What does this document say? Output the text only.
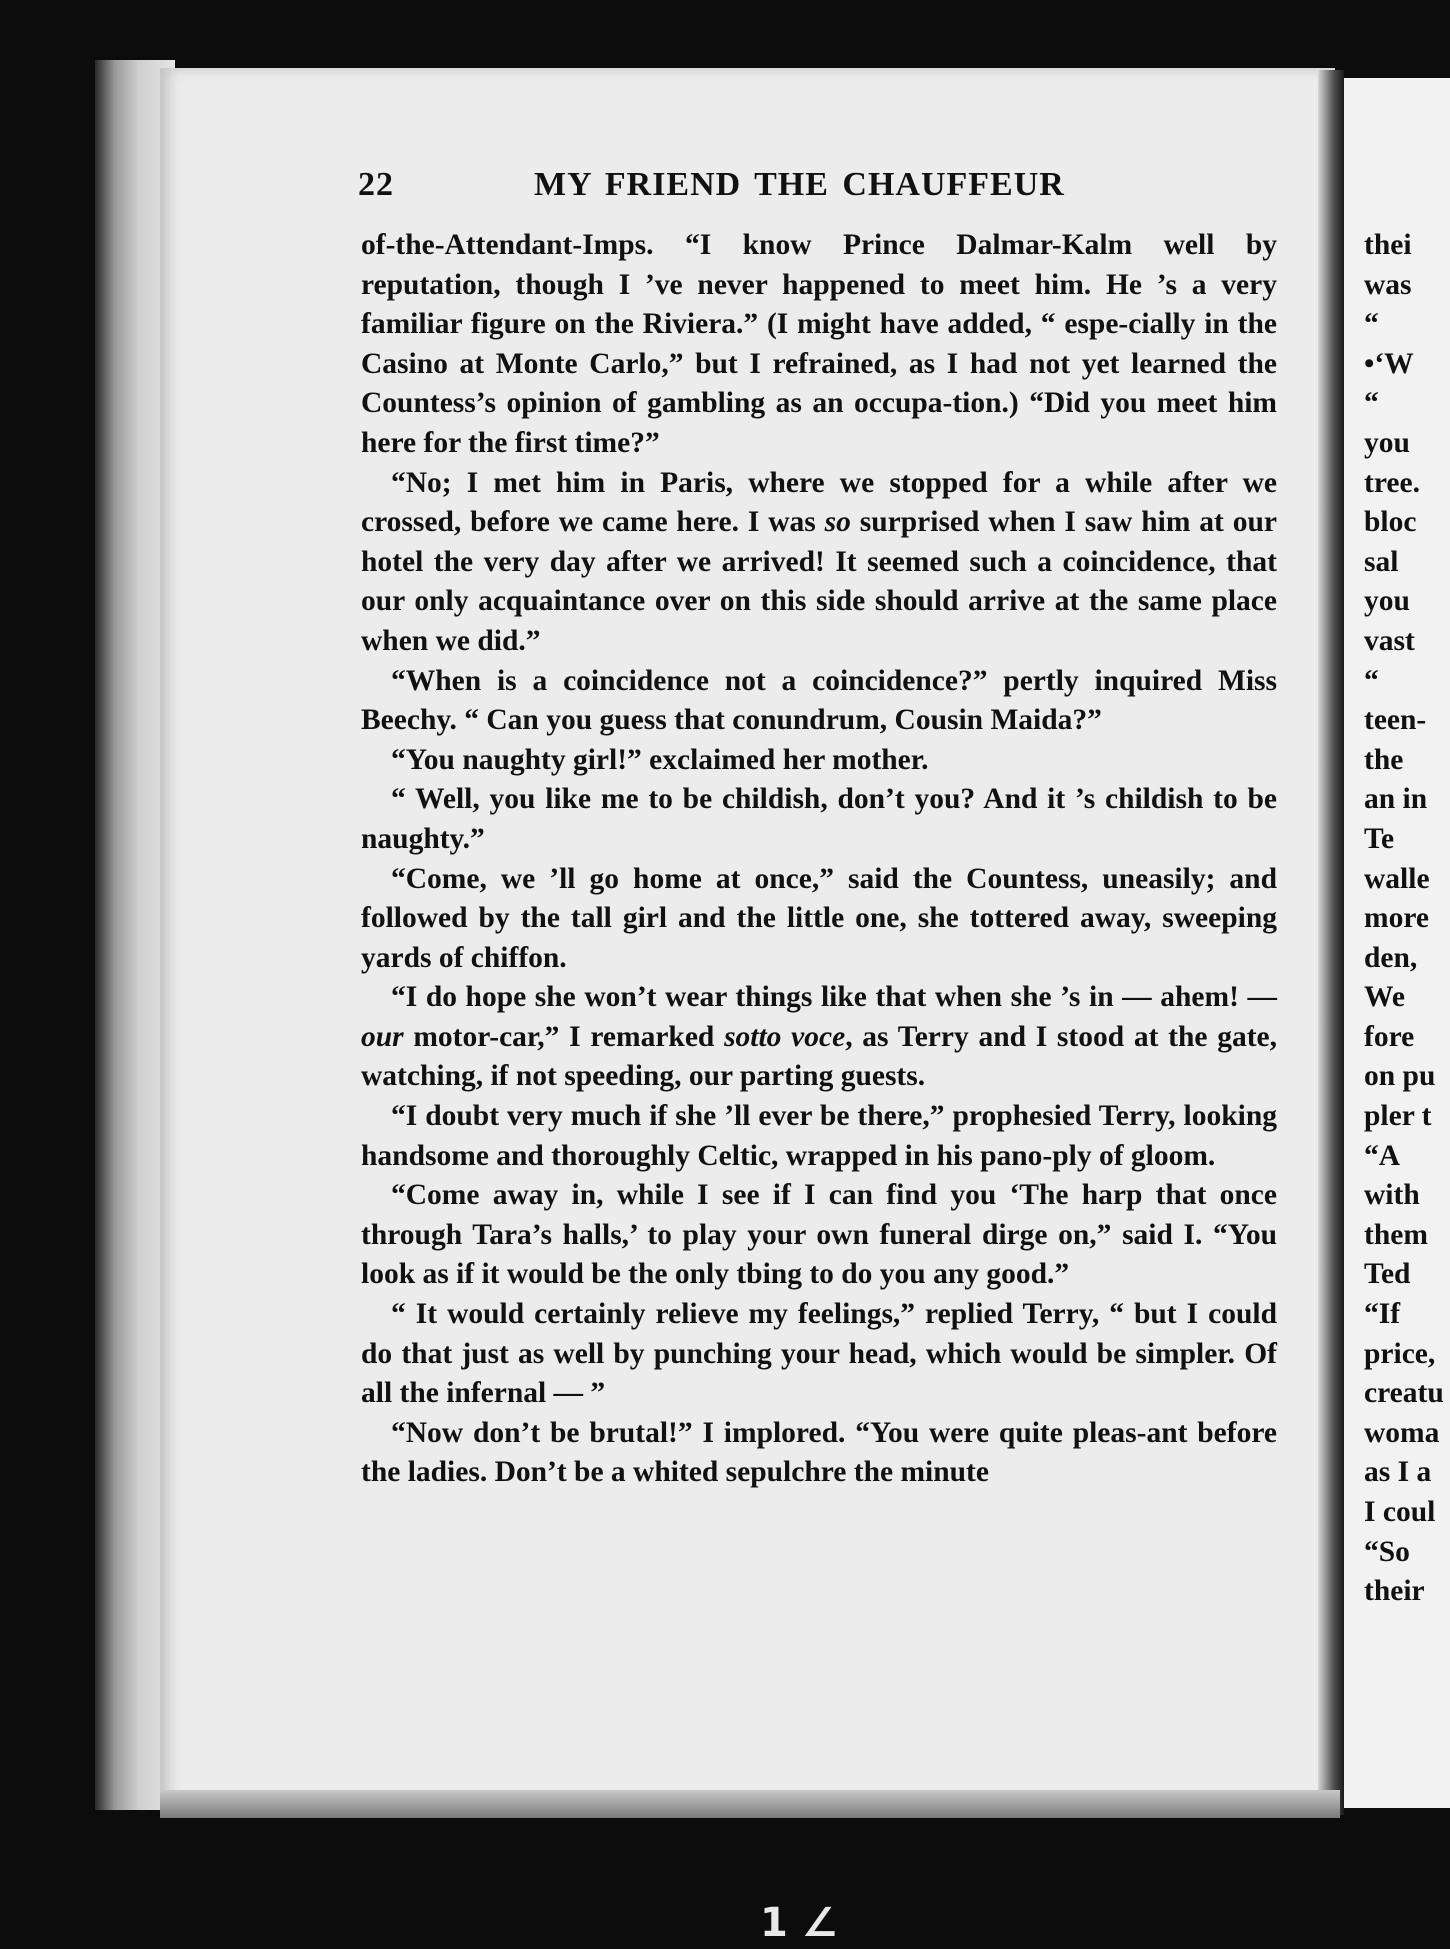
22	MY FRIEND THE CHAUFFEUR

of-the-Attendant-Imps. “I know Prince Dalmar-Kalm well by reputation, though I ’ve never happened to meet him. He ’s a very familiar figure on the Riviera.” (I might have added, “ espe-cially in the Casino at Monte Carlo,” but I refrained, as I had not yet learned the Countess’s opinion of gambling as an occupa-tion.) “Did you meet him here for the first time?”

“No; I met him in Paris, where we stopped for a while after we crossed, before we came here. I was so surprised when I saw him at our hotel the very day after we arrived! It seemed such a coincidence, that our only acquaintance over on this side should arrive at the same place when we did.”

“When is a coincidence not a coincidence?” pertly inquired Miss Beechy. “ Can you guess that conundrum, Cousin Maida?”

“You naughty girl!” exclaimed her mother.

“ Well, you like me to be childish, don’t you? And it ’s childish to be naughty.”

“Come, we ’ll go home at once,” said the Countess, uneasily; and followed by the tall girl and the little one, she tottered away, sweeping yards of chiffon.

“I do hope she won’t wear things like that when she ’s in — ahem! — our motor-car,” I remarked sotto voce, as Terry and I stood at the gate, watching, if not speeding, our parting guests.

“I doubt very much if she ’ll ever be there,” prophesied Terry, looking handsome and thoroughly Celtic, wrapped in his pano-ply of gloom.

“Come away in, while I see if I can find you ‘The harp that once through Tara’s halls,’ to play your own funeral dirge on,” said I. “You look as if it would be the only tbing to do you any good.”

“ It would certainly relieve my feelings,” replied Terry, “ but I could do that just as well by punching your head, which would be simpler. Of all the infernal — ”

“Now don’t be brutal!” I implored. “You were quite pleas-ant before the ladies. Don’t be a whited sepulchre the minute

thei
was
“
•‘W
“
you
tree.
bloc
sal
you
vast
“
teen-
the
an in
Te
walle
more
den,
We
fore
on pu
pler t
“A
with
them
Ted
“If
price,
creatu
woma
as I a
I coul
“So
their
1 ∠
